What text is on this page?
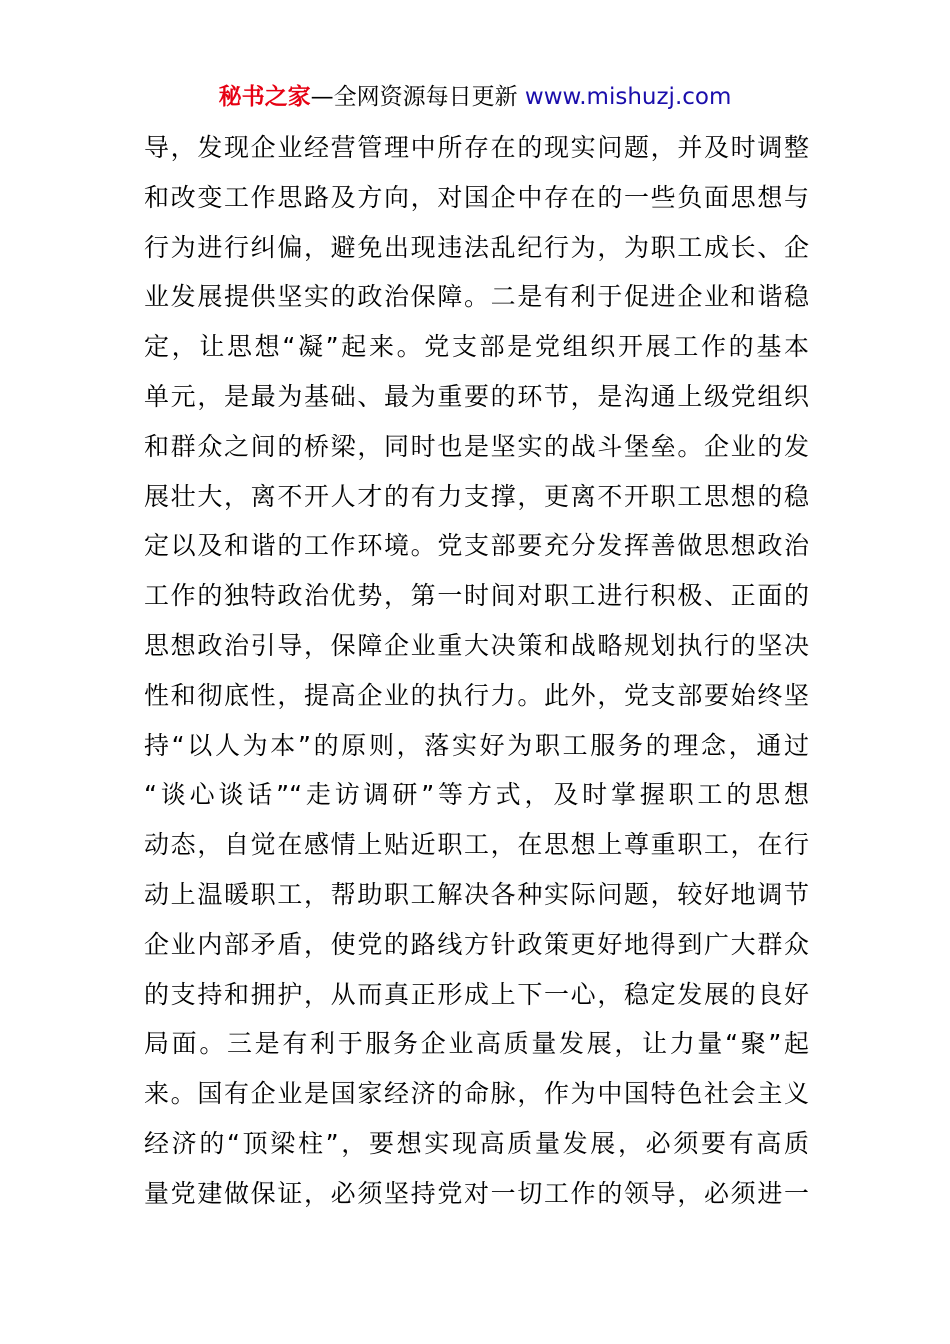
秘书之家—全网资源每日更新 www.mishuzj.com
导，发现企业经营管理中所存在的现实问题，并及时调整
和改变工作思路及方向，对国企中存在的一些负面思想与
行为进行纠偏，避免出现违法乱纪行为，为职工成长、企
业发展提供坚实的政治保障。二是有利于促进企业和谐稳
定，让思想“凝”起来。党支部是党组织开展工作的基本
单元，是最为基础、最为重要的环节，是沟通上级党组织
和群众之间的桥梁，同时也是坚实的战斗堡垒。企业的发
展壮大，离不开人才的有力支撑，更离不开职工思想的稳
定以及和谐的工作环境。党支部要充分发挥善做思想政治
工作的独特政治优势，第一时间对职工进行积极、正面的
思想政治引导，保障企业重大决策和战略规划执行的坚决
性和彻底性，提高企业的执行力。此外，党支部要始终坚
持“以人为本”的原则，落实好为职工服务的理念，通过
“谈心谈话”“走访调研”等方式，及时掌握职工的思想
动态，自觉在感情上贴近职工，在思想上尊重职工，在行
动上温暖职工，帮助职工解决各种实际问题，较好地调节
企业内部矛盾，使党的路线方针政策更好地得到广大群众
的支持和拥护，从而真正形成上下一心，稳定发展的良好
局面。三是有利于服务企业高质量发展，让力量“聚”起
来。国有企业是国家经济的命脉，作为中国特色社会主义
经济的“顶梁柱”，要想实现高质量发展，必须要有高质
量党建做保证，必须坚持党对一切工作的领导，必须进一
